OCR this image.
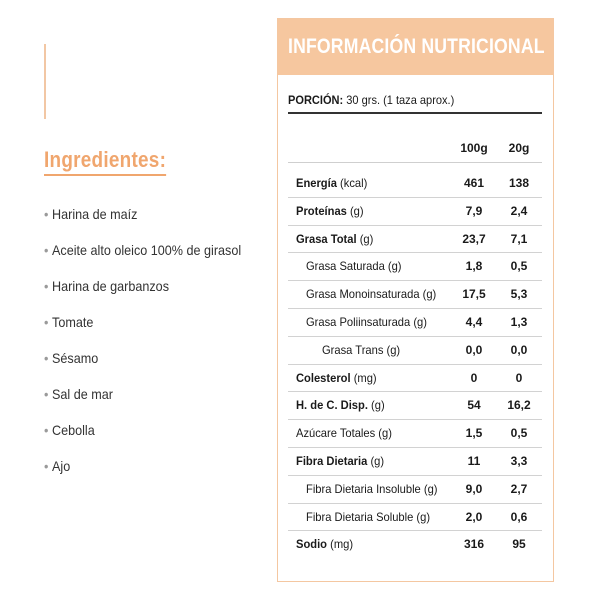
Ingredientes:
• Harina de maíz
• Aceite alto oleico 100% de girasol
• Harina de garbanzos
• Tomate
• Sésamo
• Sal de mar
• Cebolla
• Ajo
INFORMACIÓN NUTRICIONAL
PORCIÓN: 30 grs. (1 taza aprox.)
100g	20g
Energía (kcal)	461	138
Proteínas (g)	7,9	2,4
Grasa Total (g)	23,7	7,1
Grasa Saturada (g)	1,8	0,5
Grasa Monoinsaturada (g)	17,5	5,3
Grasa Poliinsaturada (g)	4,4	1,3
Grasa Trans (g)	0,0	0,0
Colesterol (mg)	0	0
H. de C. Disp. (g)	54	16,2
Azúcare Totales (g)	1,5	0,5
Fibra Dietaria (g)	11	3,3
Fibra Dietaria Insoluble (g)	9,0	2,7
Fibra Dietaria Soluble (g)	2,0	0,6
Sodio (mg)	316	95
